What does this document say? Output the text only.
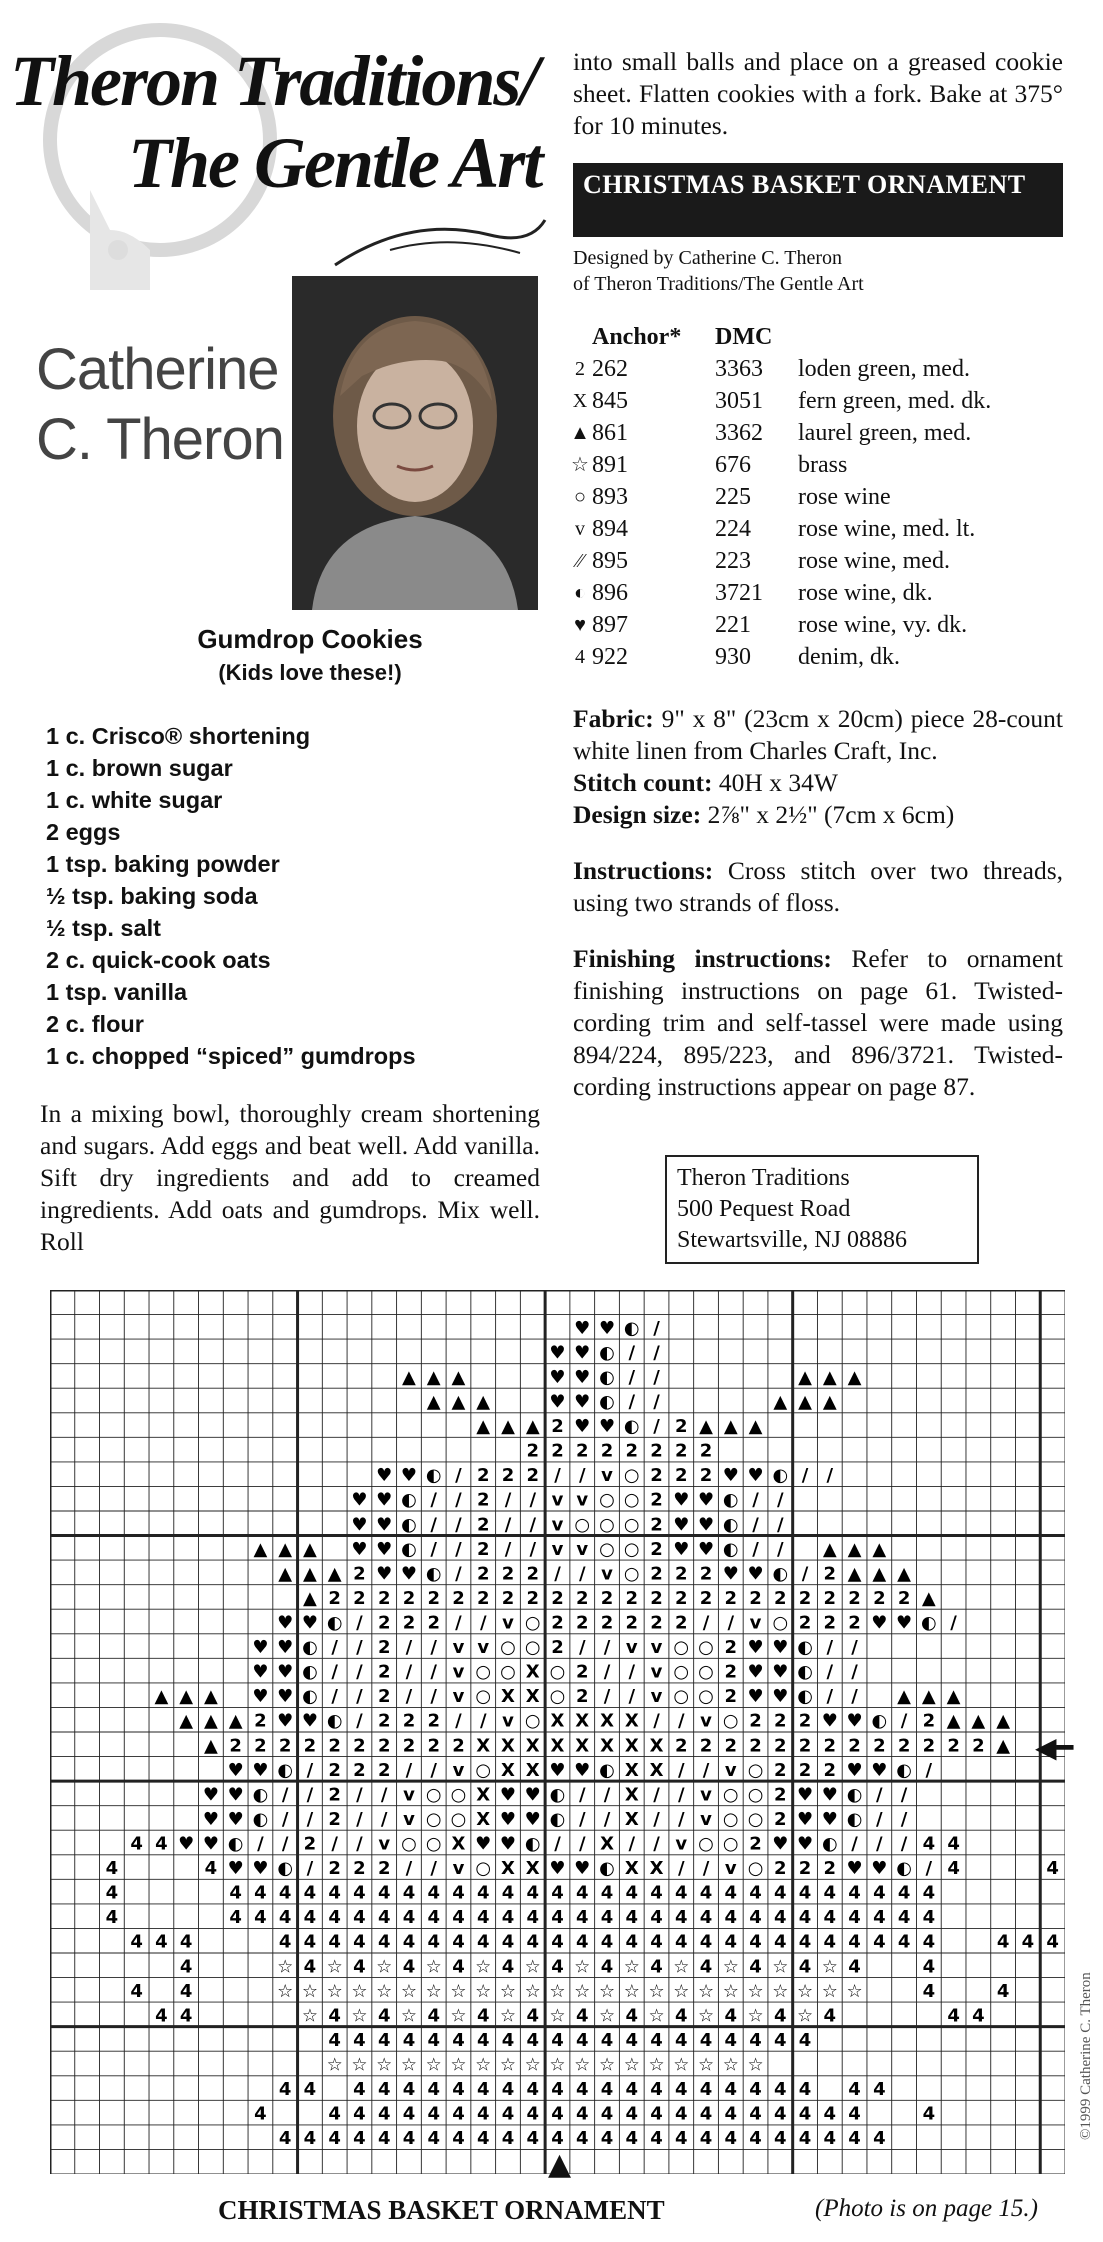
Theron Traditions/
The Gentle Art
Catherine
C. Theron
Gumdrop Cookies
(Kids love these!)
1 c. Crisco® shortening
1 c. brown sugar
1 c. white sugar
2 eggs
1 tsp. baking powder
½ tsp. baking soda
½ tsp. salt
2 c. quick-cook oats
1 tsp. vanilla
2 c. flour
1 c. chopped “spiced” gumdrops
In a mixing bowl, thoroughly cream shortening and sugars. Add eggs and beat well. Add vanilla. Sift dry ingredients and add to creamed ingredients. Add oats and gumdrops. Mix well. Roll
into small balls and place on a greased cookie sheet. Flatten cookies with a fork. Bake at 375° for 10 minutes.
CHRISTMAS BASKET ORNAMENT
Designed by Catherine C. Theron
of Theron Traditions/The Gentle Art
	Anchor*	DMC	
2	262	3363	loden green, med.
X	845	3051	fern green, med. dk.
▲	861	3362	laurel green, med.
☆	891	676	brass
○	893	225	rose wine
v	894	224	rose wine, med. lt.
⁄⁄	895	223	rose wine, med.
◐	896	3721	rose wine, dk.
♥	897	221	rose wine, vy. dk.
4	922	930	denim, dk.
Fabric: 9" x 8" (23cm x 20cm) piece 28-count white linen from Charles Craft, Inc.
Stitch count: 40H x 34W
Design size: 2⅞" x 2½" (7cm x 6cm)
Instructions: Cross stitch over two threads, using two strands of floss.
Finishing instructions: Refer to ornament finishing instructions on page 61. Twisted-cording trim and self-tassel were made using 894/224, 895/223, and 896/3721. Twisted-cording instructions appear on page 87.
Theron Traditions
500 Pequest Road
Stewartsville, NJ 08886
♥ ♥ ◐ /
♥ ♥ ◐ / /
▲ ▲ ▲	♥ ♥ ◐ / /	▲ ▲ ▲
▲ ▲ ▲	♥ ♥ ◐ / /	▲ ▲ ▲
▲ ▲ ▲ 2 ♥ ♥ ◐ / 2 ▲ ▲ ▲
2 2 2 2 2 2 2 2
♥ ♥ ◐ / 2 2 2 / / v ○ 2 2 2 ♥ ♥ ◐ / /
♥ ♥ ◐ / / 2 / / v v ○ ○ 2 ♥ ♥ ◐ / /
♥ ♥ ◐ / / 2 / / v ○ ○ ○ 2 ♥ ♥ ◐ / /
▲ ▲ ▲ ♥ ♥ ◐ / / 2 / / v v ○ ○ 2 ♥ ♥ ◐ / / ▲ ▲ ▲
▲ ▲ ▲ 2 ♥ ♥ ◐ / 2 2 2 / / v ○ 2 2 2 ♥ ♥ ◐ / 2 ▲ ▲ ▲
▲ 2 2 2 2 2 2 2 2 2 2 2 2 2 2 2 2 2 2 2 2 2 2 2 2 ▲
♥ ♥ ◐ / 2 2 2 / / v ○ 2 2 2 2 2 2 / / v ○ 2 2 2 ♥ ♥ ◐ /
♥ ♥ ◐ / / 2 / / v v ○ ○ 2 / / v v ○ ○ 2 ♥ ♥ ◐ / /
♥ ♥ ◐ / / 2 / / v ○ ○ X ○ 2 / / v ○ ○ 2 ♥ ♥ ◐ / /
▲ ▲ ▲ ♥ ♥ ◐ / / 2 / / v ○ X X ○ 2 / / v ○ ○ 2 ♥ ♥ ◐ / / ▲ ▲ ▲
▲ ▲ ▲ 2 ♥ ♥ ◐ / 2 2 2 / / v ○ X X X X / / v ○ 2 2 2 ♥ ♥ ◐ / 2 ▲ ▲ ▲
▲ 2 2 2 2 2 2 2 2 2 2 X X X X X X X X 2 2 2 2 2 2 2 2 2 2 2 2 2 ▲
♥ ♥ ◐ / 2 2 2 / / v ○ X X ♥ ♥ ◐ X X / / v ○ 2 2 2 ♥ ♥ ◐ /
♥ ♥ ◐ / / 2 / / v ○ ○ X ♥ ♥ ◐ / / X / / v ○ ○ 2 ♥ ♥ ◐ / /
♥ ♥ ◐ / / 2 / / v ○ ○ X ♥ ♥ ◐ / / X / / v ○ ○ 2 ♥ ♥ ◐ / /
4 4 ♥ ♥ ◐ / / 2 / / v ○ ○ X ♥ ♥ ◐ / / X / / v ○ ○ 2 ♥ ♥ ◐ / / / 4 4
4	4 ♥ ♥ ◐ / 2 2 2 / / v ○ X X ♥ ♥ ◐ X X / / v ○ 2 2 2 ♥ ♥ ◐ / 4	4
4	4 4 4 4 4 4 4 4 4 4 4 4 4 4 4 4 4 4 4 4 4 4 4 4 4 4 4 4 4
4	4 4 4 4 4 4 4 4 4 4 4 4 4 4 4 4 4 4 4 4 4 4 4 4 4 4 4 4 4
4 4 4	4 4 4 4 4 4 4 4 4 4 4 4 4 4 4 4 4 4 4 4 4 4 4 4 4 4 4	4 4 4
4	☆ 4 ☆ 4 ☆ 4 ☆ 4 ☆ 4 ☆ 4 ☆ 4 ☆ 4 ☆ 4 ☆ 4 ☆ 4 ☆ 4	4
4 4	☆ ☆ ☆ ☆ ☆ ☆ ☆ ☆ ☆ ☆ ☆ ☆ ☆ ☆ ☆ ☆ ☆ ☆ ☆ ☆ ☆ ☆ ☆ ☆	4	4
4 4	☆ 4 ☆ 4 ☆ 4 ☆ 4 ☆ 4 ☆ 4 ☆ 4 ☆ 4 ☆ 4 ☆ 4 ☆ 4	4 4
4 4 4 4 4 4 4 4 4 4 4 4 4 4 4 4 4 4 4 4
☆ ☆ ☆ ☆ ☆ ☆ ☆ ☆ ☆ ☆ ☆ ☆ ☆ ☆ ☆ ☆ ☆ ☆
4 4 4 4 4 4 4 4 4 4 4 4 4 4 4 4 4 4 4 4 4 4 4
4	4 4 4 4 4 4 4 4 4 4 4 4 4 4 4 4 4 4 4 4 4 4	4
4 4 4 4 4 4 4 4 4 4 4 4 4 4 4 4 4 4 4 4 4 4 4 4 4
◀━
▲
CHRISTMAS BASKET ORNAMENT	(Photo is on page 15.)
©1999 Catherine C. Theron
